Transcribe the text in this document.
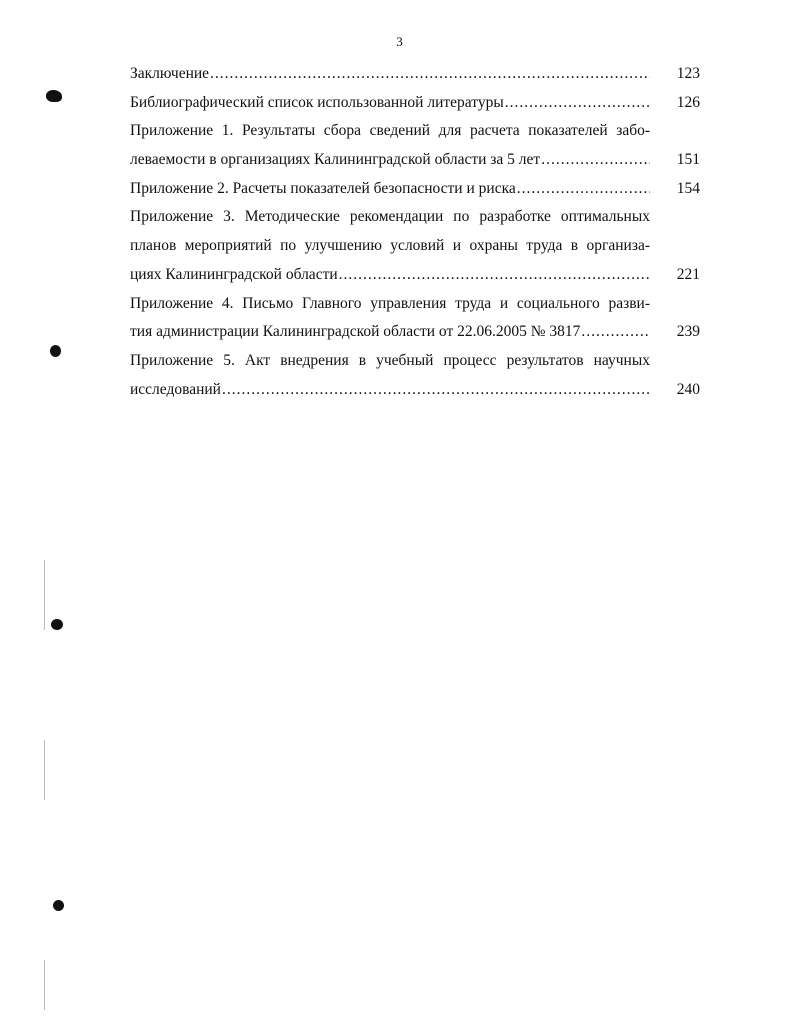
3
Заключение .....	123
Библиографический список использованной литературы .....	126
Приложение 1. Результаты сбора сведений для расчета показателей забо-
леваемости в организациях Калининградской области за 5 лет .....	151
Приложение 2. Расчеты показателей безопасности и риска .....	154
Приложение 3. Методические рекомендации по разработке оптимальных
планов мероприятий по улучшению условий и охраны труда в организа-
циях Калининградской области .....	221
Приложение 4. Письмо Главного управления труда и социального разви-
тия администрации Калининградской области от 22.06.2005 № 3817 .....	239
Приложение 5. Акт внедрения в учебный процесс результатов научных
исследований .....	240
